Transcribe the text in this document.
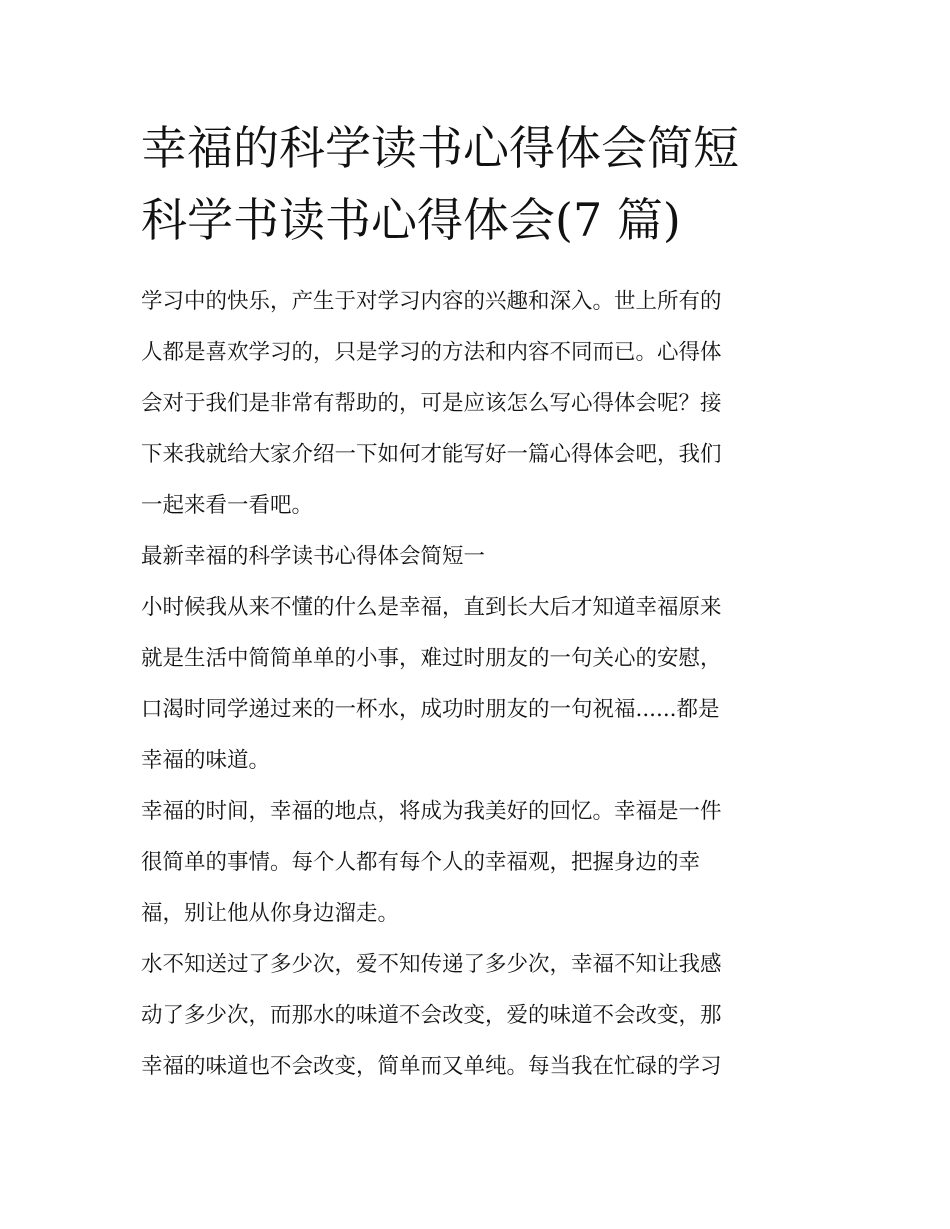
幸福的科学读书心得体会简短
科学书读书心得体会(7 篇)

学习中的快乐，产生于对学习内容的兴趣和深入。世上所有的
人都是喜欢学习的，只是学习的方法和内容不同而已。心得体
会对于我们是非常有帮助的，可是应该怎么写心得体会呢？接
下来我就给大家介绍一下如何才能写好一篇心得体会吧，我们
一起来看一看吧。

最新幸福的科学读书心得体会简短一

小时候我从来不懂的什么是幸福，直到长大后才知道幸福原来
就是生活中简简单单的小事，难过时朋友的一句关心的安慰，
口渴时同学递过来的一杯水，成功时朋友的一句祝福......都是
幸福的味道。

幸福的时间，幸福的地点，将成为我美好的回忆。幸福是一件
很简单的事情。每个人都有每个人的幸福观，把握身边的幸
福，别让他从你身边溜走。

水不知送过了多少次，爱不知传递了多少次，幸福不知让我感
动了多少次，而那水的味道不会改变，爱的味道不会改变，那
幸福的味道也不会改变，简单而又单纯。每当我在忙碌的学习
